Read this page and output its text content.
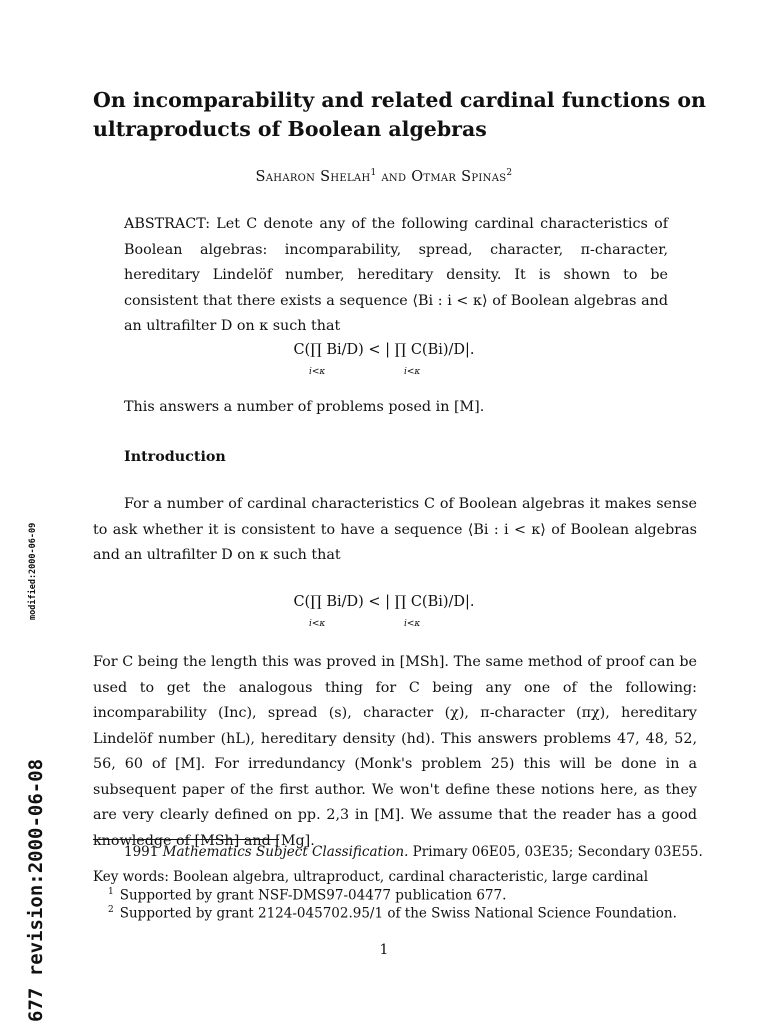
On incomparability and related cardinal functions on ultraproducts of Boolean algebras
Saharon Shelah$^1$ and Otmar Spinas$^2$
ABSTRACT: Let C denote any of the following cardinal characteristics of Boolean algebras: incomparability, spread, character, π-character, hereditary Lindelöf number, hereditary density. It is shown to be consistent that there exists a sequence ⟨Bi : i < κ⟩ of Boolean algebras and an ultrafilter D on κ such that
C(∏ Bi/D) < | ∏ C(Bi)/D|.
i<κ	i<κ
This answers a number of problems posed in [M].
Introduction
For a number of cardinal characteristics C of Boolean algebras it makes sense to ask whether it is consistent to have a sequence ⟨Bi : i < κ⟩ of Boolean algebras and an ultrafilter D on κ such that
C(∏ Bi/D) < | ∏ C(Bi)/D|.
i<κ	i<κ
For C being the length this was proved in [MSh]. The same method of proof can be used to get the analogous thing for C being any one of the following: incomparability (Inc), spread (s), character (χ), π-character (πχ), hereditary Lindelöf number (hL), hereditary density (hd). This answers problems 47, 48, 52, 56, 60 of [M]. For irredundancy (Monk's problem 25) this will be done in a subsequent paper of the first author. We won't define these notions here, as they are very clearly defined on pp. 2,3 in [M]. We assume that the reader has a good knowledge of [MSh] and [Mg].
1991 Mathematics Subject Classification. Primary 06E05, 03E35; Secondary 03E55.
Key words: Boolean algebra, ultraproduct, cardinal characteristic, large cardinal
$^1$ Supported by grant NSF-DMS97-04477 publication 677.
$^2$ Supported by grant 2124-045702.95/1 of the Swiss National Science Foundation.
1
modified:2000-06-09
677 revision:2000-06-08
